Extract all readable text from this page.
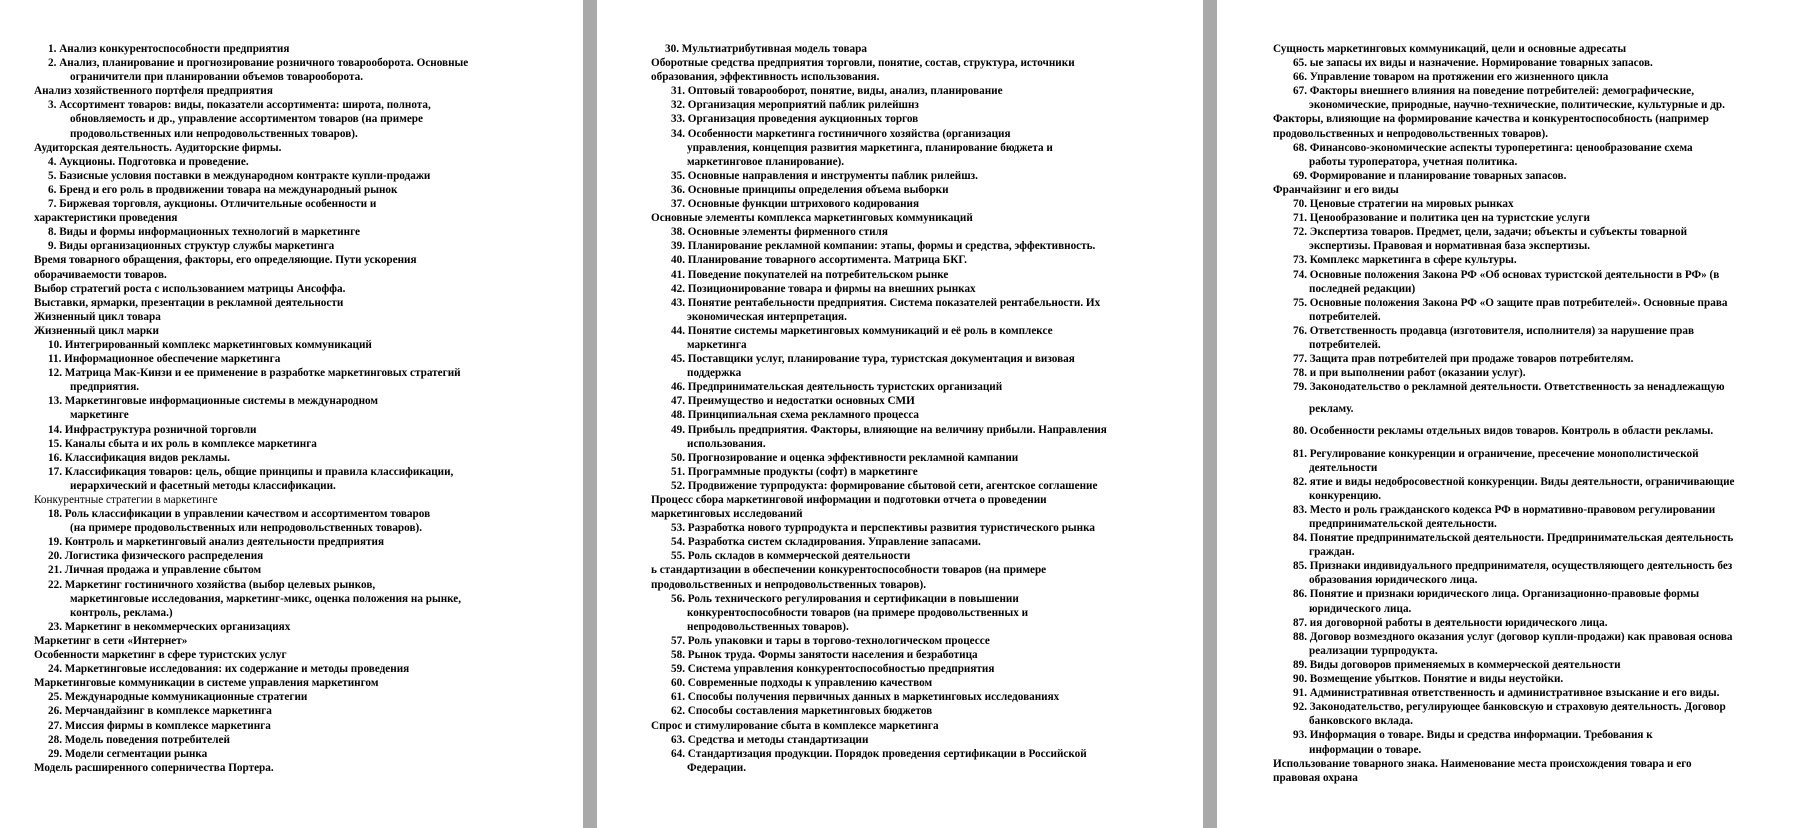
1. Анализ конкурентоспособности предприятия
2. Анализ, планирование и прогнозирование розничного товарооборота. Основные
ограничители при планировании объемов товарооборота.
Анализ хозяйственного портфеля предприятия
3. Ассортимент товаров: виды, показатели ассортимента: широта, полнота,
обновляемость и др., управление ассортиментом товаров (на примере
продовольственных или непродовольственных товаров).
Аудиторская деятельность. Аудиторские фирмы.
4. Аукционы. Подготовка и проведение.
5. Базисные условия поставки в международном контракте купли-продажи
6. Бренд и его роль в продвижении товара на международный рынок
7. Биржевая торговля, аукционы. Отличительные особенности и
характеристики проведения
8. Виды и формы информационных технологий в маркетинге
9. Виды организационных структур службы маркетинга
Время товарного обращения, факторы, его определяющие. Пути ускорения
оборачиваемости товаров.
Выбор стратегий роста с использованием матрицы Ансоффа.
Выставки, ярмарки, презентации в рекламной деятельности
Жизненный цикл товара
Жизненный цикл марки
10. Интегрированный комплекс маркетинговых коммуникаций
11. Информационное обеспечение маркетинга
12. Матрица Мак-Кинзи и ее применение в разработке маркетинговых стратегий
предприятия.
13. Маркетинговые информационные системы в международном
маркетинге
14. Инфраструктура розничной торговли
15. Каналы сбыта и их роль в комплексе маркетинга
16. Классификация видов рекламы.
17. Классификация товаров: цель, общие принципы и правила классификации,
иерархический и фасетный методы классификации.
Конкурентные стратегии в маркетинге
18. Роль классификации в управлении качеством и ассортиментом товаров
(на примере продовольственных или непродовольственных товаров).
19. Контроль и маркетинговый анализ деятельности предприятия
20. Логистика физического распределения
21. Личная продажа и управление сбытом
22. Маркетинг гостиничного хозяйства (выбор целевых рынков,
маркетинговые исследования, маркетинг-микс, оценка положения на рынке,
контроль, реклама.)
23. Маркетинг в некоммерческих организациях
Маркетинг в сети «Интернет»
Особенности маркетинг в сфере туристских услуг
24. Маркетинговые исследования: их содержание и методы проведения
Маркетинговые коммуникации в системе управления маркетингом
25. Международные коммуникационные стратегии
26. Мерчандайзинг в комплексе маркетинга
27. Миссия фирмы в комплексе маркетинга
28. Модель поведения потребителей
29. Модели сегментации рынка
Модель расширенного соперничества Портера.
30. Мультиатрибутивная модель товара
Оборотные средства предприятия торговли, понятие, состав, структура, источники
образования, эффективность использования.
31. Оптовый товарооборот, понятие, виды, анализ, планирование
32. Организация мероприятий паблик рилейшнз
33. Организация проведения аукционных торгов
34. Особенности маркетинга гостиничного хозяйства (организация
управления, концепция развития маркетинга, планирование бюджета и
маркетинговое планирование).
35. Основные направления и инструменты паблик рилейшз.
36. Основные принципы определения объема выборки
37. Основные функции штрихового кодирования
Основные элементы комплекса маркетинговых коммуникаций
38. Основные элементы фирменного стиля
39. Планирование рекламной компании: этапы, формы и средства, эффективность.
40. Планирование товарного ассортимента. Матрица БКГ.
41. Поведение покупателей на потребительском рынке
42. Позиционирование товара и фирмы на внешних рынках
43. Понятие рентабельности предприятия. Система показателей рентабельности. Их
экономическая интерпретация.
44. Понятие системы маркетинговых коммуникаций и её роль в комплексе
маркетинга
45. Поставщики услуг, планирование тура, туристская документация и визовая
поддержка
46. Предпринимательская деятельность туристских организаций
47. Преимущество и недостатки основных СМИ
48. Принципиальная схема рекламного процесса
49. Прибыль предприятия. Факторы, влияющие на величину прибыли. Направления
использования.
50. Прогнозирование и оценка эффективности рекламной кампании
51. Программные продукты (софт) в маркетинге
52. Продвижение турпродукта: формирование сбытовой сети, агентское соглашение
Процесс сбора маркетинговой информации и подготовки отчета о проведении
маркетинговых исследований
53. Разработка нового турпродукта и перспективы развития туристического рынка
54. Разработка систем складирования. Управление запасами.
55. Роль складов в коммерческой деятельности
ь стандартизации в обеспечении конкурентоспособности товаров (на примере
продовольственных и непродовольственных товаров).
56. Роль технического регулирования и сертификации в повышении
конкурентоспособности товаров (на примере продовольственных и
непродовольственных товаров).
57. Роль упаковки и тары в торгово-технологическом процессе
58. Рынок труда. Формы занятости населения и безработица
59. Система управления конкурентоспособностью предприятия
60. Современные подходы к управлению качеством
61. Способы получения первичных данных в маркетинговых исследованиях
62. Способы составления маркетинговых бюджетов
Спрос и стимулирование сбыта в комплексе маркетинга
63. Средства и методы стандартизации
64. Стандартизация продукции. Порядок проведения сертификации в Российской
Федерации.
Сущность маркетинговых коммуникаций, цели и основные адресаты
65. ые запасы их виды и назначение. Нормирование товарных запасов.
66. Управление товаром на протяжении его жизненного цикла
67. Факторы внешнего влияния на поведение потребителей: демографические,
экономические, природные, научно-технические, политические, культурные и др.
Факторы, влияющие на формирование качества и конкурентоспособность (например
продовольственных и непродовольственных товаров).
68. Финансово-экономические аспекты туроперетинга: ценообразование схема
работы туроператора, учетная политика.
69. Формирование и планирование товарных запасов.
Франчайзинг и его виды
70. Ценовые стратегии на мировых рынках
71. Ценообразование и политика цен на туристские услуги
72. Экспертиза товаров. Предмет, цели, задачи; объекты и субъекты товарной
экспертизы. Правовая и нормативная база экспертизы.
73. Комплекс маркетинга в сфере культуры.
74. Основные положения Закона РФ «Об основах туристской деятельности в РФ» (в
последней редакции)
75. Основные положения Закона РФ «О защите прав потребителей». Основные права
потребителей.
76. Ответственность продавца (изготовителя, исполнителя) за нарушение прав
потребителей.
77. Защита прав потребителей при продаже товаров потребителям.
78. и при выполнении работ (оказании услуг).
79. Законодательство о рекламной деятельности. Ответственность за ненадлежащую
рекламу.
80. Особенности рекламы отдельных видов товаров. Контроль в области рекламы.
81. Регулирование конкуренции и ограничение, пресечение монополистической
деятельности
82. ятие и виды недобросовестной конкуренции. Виды деятельности, ограничивающие
конкуренцию.
83. Место и роль гражданского кодекса РФ в нормативно-правовом регулировании
предпринимательской деятельности.
84. Понятие предпринимательской деятельности. Предпринимательская деятельность
граждан.
85. Признаки индивидуального предпринимателя, осуществляющего деятельность без
образования юридического лица.
86. Понятие и признаки юридического лица. Организационно-правовые формы
юридического лица.
87. ия договорной работы в деятельности юридического лица.
88. Договор возмездного оказания услуг (договор купли-продажи) как правовая основа
реализации турпродукта.
89. Виды договоров применяемых в коммерческой деятельности
90. Возмещение убытков. Понятие и виды неустойки.
91. Административная ответственность и административное взыскание и его виды.
92. Законодательство, регулирующее банковскую и страховую деятельность. Договор
банковского вклада.
93. Информация о товаре. Виды и средства информации. Требования к
информации о товаре.
Использование товарного знака. Наименование места происхождения товара и его
правовая охрана
